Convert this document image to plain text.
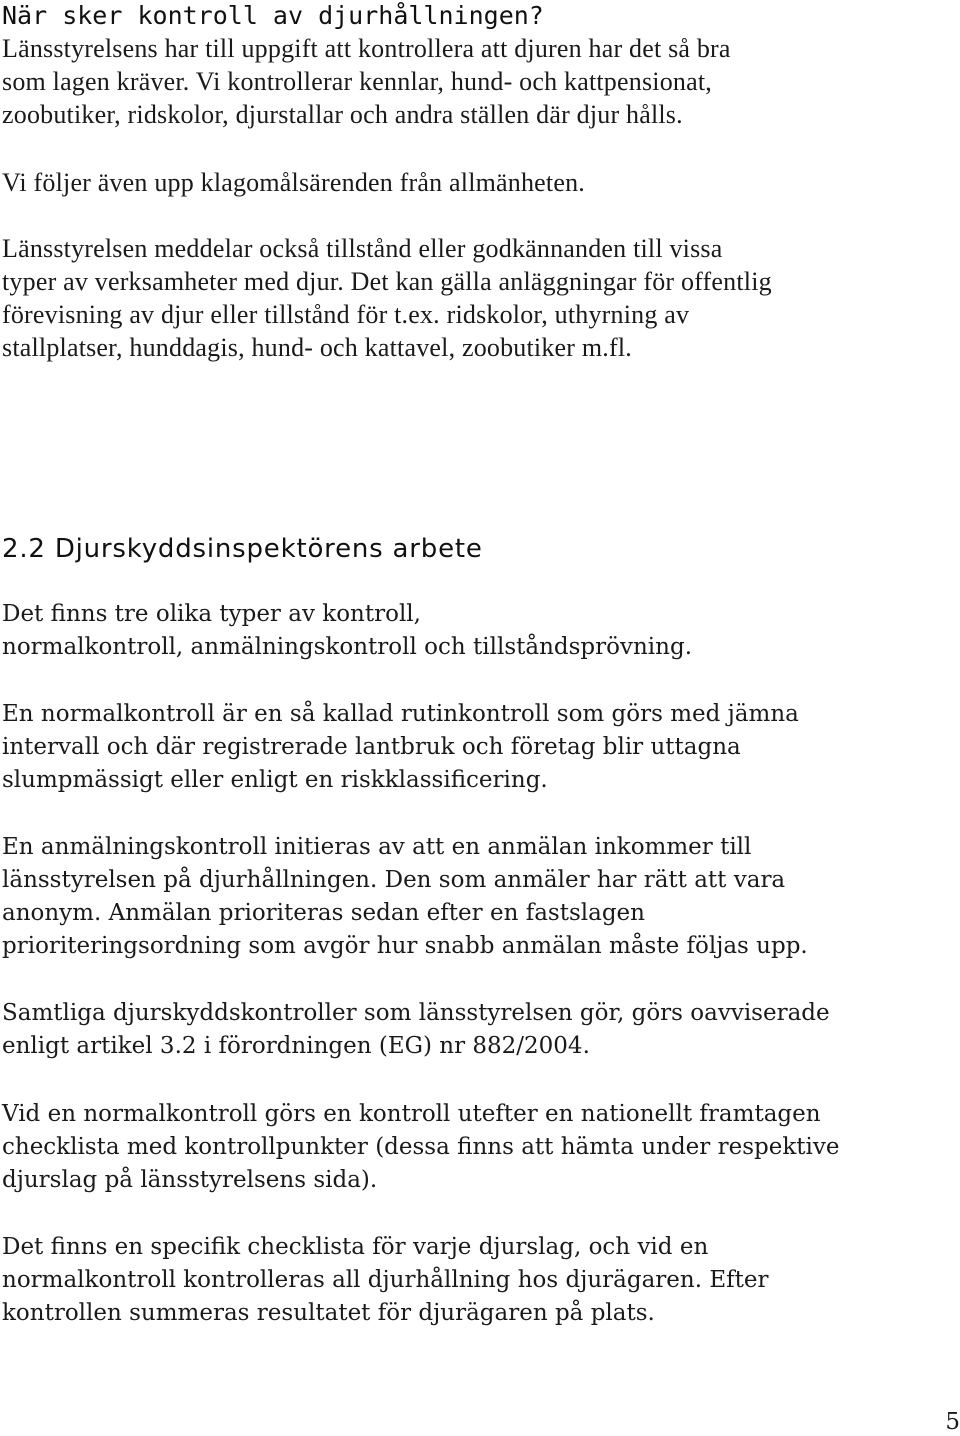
När sker kontroll av djurhållningen?

Länsstyrelsens har till uppgift att kontrollera att djuren har det så bra
som lagen kräver. Vi kontrollerar kennlar, hund- och kattpensionat,
zoobutiker, ridskolor, djurstallar och andra ställen där djur hålls.

Vi följer även upp klagomålsärenden från allmänheten.

Länsstyrelsen meddelar också tillstånd eller godkännanden till vissa
typer av verksamheter med djur. Det kan gälla anläggningar för offentlig
förevisning av djur eller tillstånd för t.ex. ridskolor, uthyrning av
stallplatser, hunddagis, hund- och kattavel, zoobutiker m.fl.

2.2 Djurskyddsinspektörens arbete

Det finns tre olika typer av kontroll,
normalkontroll, anmälningskontroll och tillståndsprövning.

En normalkontroll är en så kallad rutinkontroll som görs med jämna
intervall och där registrerade lantbruk och företag blir uttagna
slumpmässigt eller enligt en riskklassificering.

En anmälningskontroll initieras av att en anmälan inkommer till
länsstyrelsen på djurhållningen. Den som anmäler har rätt att vara
anonym. Anmälan prioriteras sedan efter en fastslagen
prioriteringsordning som avgör hur snabb anmälan måste följas upp.

Samtliga djurskyddskontroller som länsstyrelsen gör, görs oavviserade
enligt artikel 3.2 i förordningen (EG) nr 882/2004.

Vid en normalkontroll görs en kontroll utefter en nationellt framtagen
checklista med kontrollpunkter (dessa finns att hämta under respektive
djurslag på länsstyrelsens sida).

Det finns en specifik checklista för varje djurslag, och vid en
normalkontroll kontrolleras all djurhållning hos djurägaren. Efter
kontrollen summeras resultatet för djurägaren på plats.

5
